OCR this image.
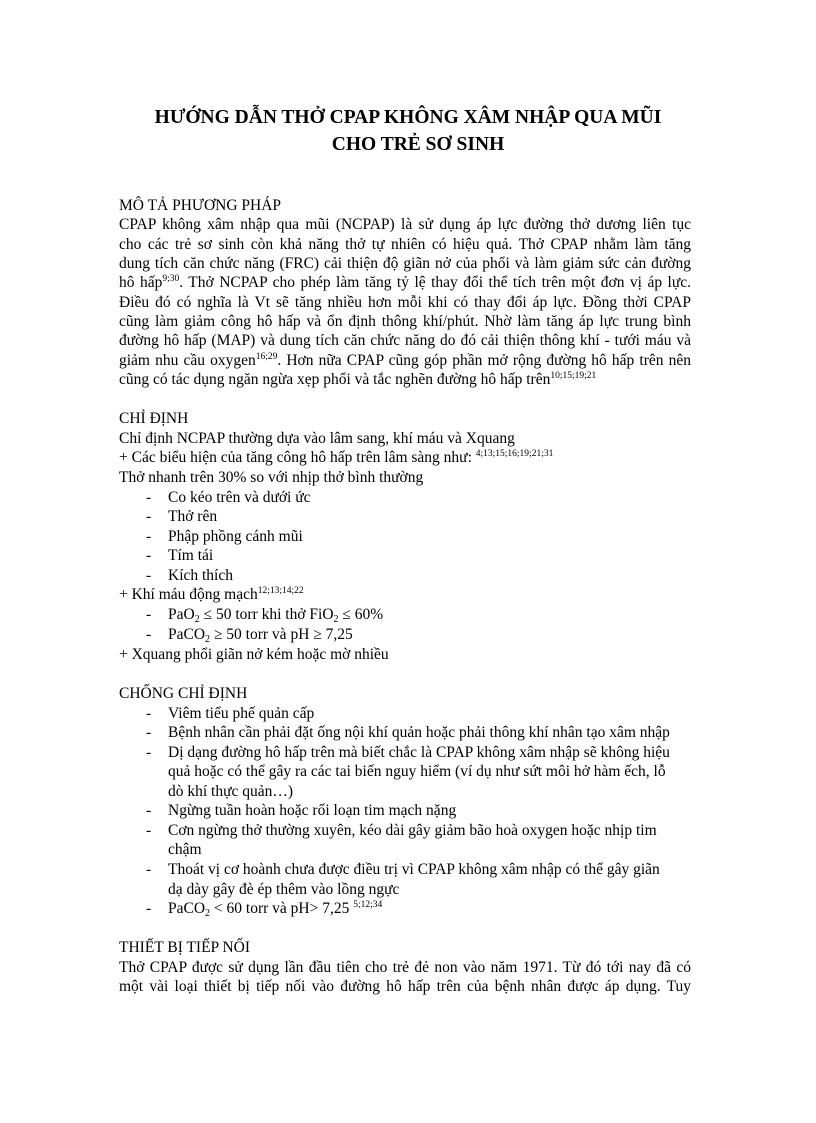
HƯỚNG DẪN THỞ CPAP KHÔNG XÂM NHẬP QUA MŨI
CHO TRẺ SƠ SINH
MÔ TẢ PHƯƠNG PHÁP
CPAP không xâm nhập qua mũi (NCPAP) là sử dụng áp lực đường thở dương liên tục
cho các trẻ sơ sinh còn khả năng thở tự nhiên có hiệu quả. Thở CPAP nhằm làm tăng
dung tích căn chức năng (FRC) cải thiện độ giãn nở của phổi và làm giảm sức cản đường
hô hấp$^{9;30}$. Thở NCPAP cho phép làm tăng tỷ lệ thay đổi thể tích trên một đơn vị áp lực.
Điều đó có nghĩa là Vt sẽ tăng nhiều hơn mỗi khi có thay đổi áp lực. Đồng thời CPAP
cũng làm giảm công hô hấp và ổn định thông khí/phút. Nhờ làm tăng áp lực trung bình
đường hô hấp (MAP) và dung tích căn chức năng do đó cải thiện thông khí - tưới máu và
giảm nhu cầu oxygen$^{16;29}$. Hơn nữa CPAP cũng góp phần mở rộng đường hô hấp trên nên
cũng có tác dụng ngăn ngừa xẹp phổi và tắc nghẽn đường hô hấp trên$^{10;15;19;21}$
CHỈ ĐỊNH
Chỉ định NCPAP thường dựa vào lâm sang, khí máu và Xquang
+ Các biểu hiện của tăng công hô hấp trên lâm sàng như: $^{4;13;15;16;19;21;31}$
Thở nhanh trên 30% so với nhịp thở bình thường
- Co kéo trên và dưới ức
- Thở rên
- Phập phồng cánh mũi
- Tím tái
- Kích thích
+ Khí máu động mạch$^{12;13;14;22}$
- PaO$_2$ ≤ 50 torr khi thở FiO$_2$ ≤ 60%
- PaCO$_2$ ≥ 50 torr và pH ≥ 7,25
+ Xquang phổi giãn nở kém hoặc mờ nhiều
CHỐNG CHỈ ĐỊNH
- Viêm tiểu phế quản cấp
- Bệnh nhân cần phải đặt ống nội khí quản hoặc phải thông khí nhân tạo xâm nhập
- Dị dạng đường hô hấp trên mà biết chắc là CPAP không xâm nhập sẽ không hiệu
quả hoặc có thể gây ra các tai biến nguy hiểm (ví dụ như sứt môi hở hàm ếch, lỗ
dò khí thực quản…)
- Ngừng tuần hoàn hoặc rối loạn tim mạch nặng
- Cơn ngừng thở thường xuyên, kéo dài gây giảm bão hoà oxygen hoặc nhịp tim
chậm
- Thoát vị cơ hoành chưa được điều trị vì CPAP không xâm nhập có thể gây giãn
dạ dày gây đè ép thêm vào lồng ngực
- PaCO$_2$ < 60 torr và pH> 7,25 $^{5;12;34}$
THIẾT BỊ TIẾP NỐI
Thở CPAP được sử dụng lần đầu tiên cho trẻ đẻ non vào năm 1971. Từ đó tới nay đã có
một vài loại thiết bị tiếp nối vào đường hô hấp trên của bệnh nhân được áp dụng. Tuy
